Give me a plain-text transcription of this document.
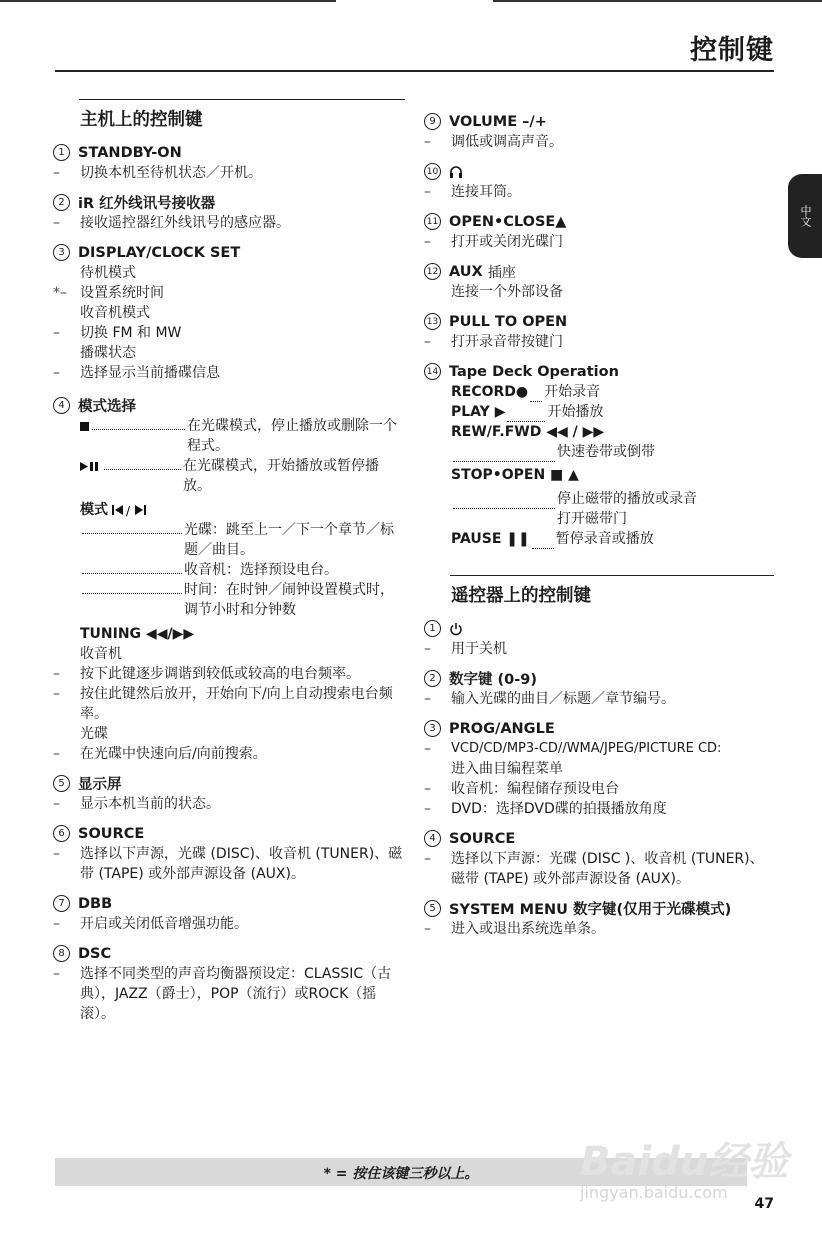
控制键
中文
主机上的控制键
1 STANDBY-ON
–	切换本机至待机状态／开机。
2 iR 红外线讯号接收器
–	接收遥控器红外线讯号的感应器。
3 DISPLAY/CLOCK SET
待机模式
*– 设置系统时间
收音机模式
–	切换 FM 和 MW
播碟状态
–	选择显示当前播碟信息
4 模式选择
在光碟模式，停止播放或删除一个程式。
在光碟模式，开始播放或暂停播放。
模式 /
光碟：跳至上一／下一个章节／标题／曲目。
收音机：选择预设电台。
时间：在时钟／闹钟设置模式时，调节小时和分钟数
TUNING ◀◀/▶▶
收音机
–	按下此键逐步调谐到较低或较高的电台频率。
–	按住此键然后放开，开始向下/向上自动搜索电台频率。
光碟
–	在光碟中快速向后/向前搜索。
5 显示屏
–	显示本机当前的状态。
6 SOURCE
–	选择以下声源，光碟 (DISC)、收音机 (TUNER)、磁带 (TAPE) 或外部声源设备 (AUX)。
7 DBB
–	开启或关闭低音增强功能。
8 DSC
–	选择不同类型的声音均衡器预设定：CLASSIC（古典），JAZZ（爵士），POP（流行）或ROCK（摇滚）。
9 VOLUME –/+
–	调低或调高声音。
10
–	连接耳筒。
11 OPEN•CLOSE▲
–	打开或关闭光碟门
12 AUX
插座
连接一个外部设备
13 PULL TO OPEN
–	打开录音带按键门
14 Tape Deck Operation
RECORD● 开始录音
PLAY ▶	开始播放
REW/F.FWD ◀◀ / ▶▶
快速卷带或倒带
STOP•OPEN ■ ▲
停止磁带的播放或录音
打开磁带门
PAUSE ❚❚ 暂停录音或播放
遥控器上的控制键
1
–	用于关机
2 数字键 (0-9)
–	输入光碟的曲目／标题／章节编号。
3 PROG/ANGLE
–	VCD/CD/MP3-CD//WMA/JPEG/PICTURE CD:
进入曲目编程菜单
–	收音机：编程储存预设电台
–	DVD：选择DVD碟的拍摄播放角度
4 SOURCE
–	选择以下声源：光碟 (DISC )、收音机 (TUNER)、磁带 (TAPE) 或外部声源设备 (AUX)。
5 SYSTEM MENU 数字键(仅用于光碟模式)
–	进入或退出系统选单条。
* = 按住该键三秒以上。	Baidu经验
jingyan.baidu.com
47
